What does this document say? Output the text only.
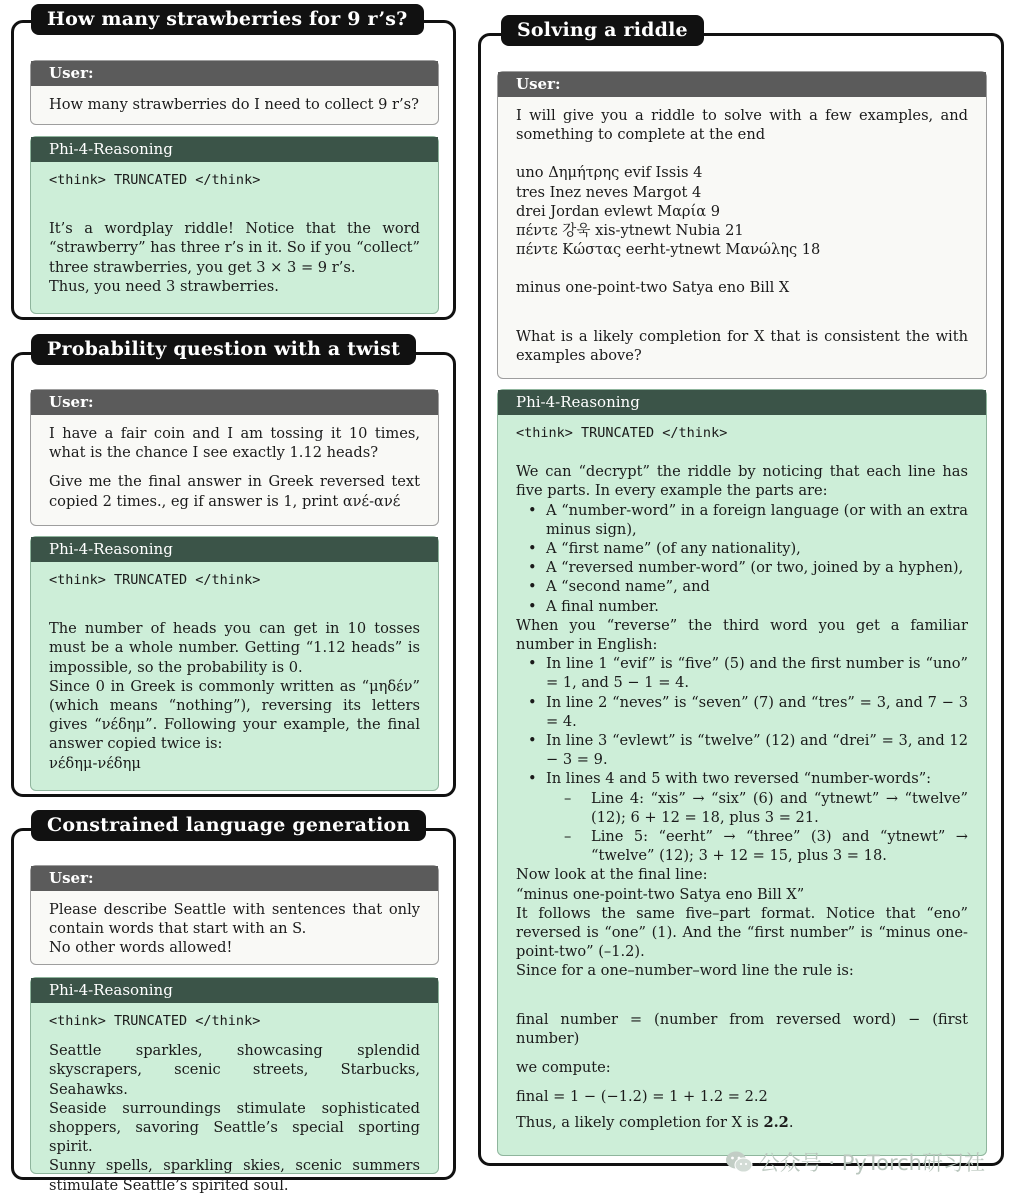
User:

How many strawberries do I need to collect 9 r’s?

Phi-4-Reasoning

<think> TRUNCATED </think>

It’s a wordplay riddle! Notice that the word “strawberry” has three r’s in it. So if you “collect” three strawberries, you get 3 × 3 = 9 r’s.

Thus, you need 3 strawberries.

How many strawberries for 9 r’s?
User:

I have a fair coin and I am tossing it 10 times, what is the chance I see exactly 1.12 heads?

Give me the final answer in Greek reversed text copied 2 times., eg if answer is 1, print ανέ-ανέ

Phi-4-Reasoning

<think> TRUNCATED </think>

The number of heads you can get in 10 tosses must be a whole number. Getting “1.12 heads” is impossible, so the probability is 0.

Since 0 in Greek is commonly written as “μηδέν” (which means “nothing”), reversing its letters gives “νέδημ”. Following your example, the final answer copied twice is:

νέδημ-νέδημ

Probability question with a twist
User:

Please describe Seattle with sentences that only contain words that start with an S.

No other words allowed!

Phi-4-Reasoning

<think> TRUNCATED </think>

Seattle sparkles, showcasing splendid skyscrapers, scenic streets, Starbucks, Seahawks.

Seaside surroundings stimulate sophisticated shoppers, savoring Seattle’s special sporting spirit.

Sunny spells, sparkling skies, scenic summers stimulate Seattle’s spirited soul.

Constrained language generation
User:

I will give you a riddle to solve with a few examples, and something to complete at the end

uno Δημήτρης evif Issis 4

tres Inez neves Margot 4

drei Jordan evlewt Μαρία 9

πέντε 강욱 xis-ytnewt Nubia 21

πέντε Κώστας eerht-ytnewt Μανώλης 18

minus one-point-two Satya eno Bill X

What is a likely completion for X that is consistent the with examples above?

Phi-4-Reasoning

<think> TRUNCATED </think>

We can “decrypt” the riddle by noticing that each line has five parts. In every example the parts are:

• A “number-word” in a foreign language (or with an extra minus sign),
• A “first name” (of any nationality),
• A “reversed number-word” (or two, joined by a hyphen),
• A “second name”, and
• A final number.

When you “reverse” the third word you get a familiar number in English:

• In line 1 “evif” is “five” (5) and the first number is “uno” = 1, and 5 − 1 = 4.
• In line 2 “neves” is “seven” (7) and “tres” = 3, and 7 − 3 = 4.
• In line 3 “evlewt” is “twelve” (12) and “drei” = 3, and 12 − 3 = 9.
• In lines 4 and 5 with two reversed “number-words”:
– Line 4: “xis” → “six” (6) and “ytnewt” → “twelve” (12); 6 + 12 = 18, plus 3 = 21.
– Line 5: “eerht” → “three” (3) and “ytnewt” → “twelve” (12); 3 + 12 = 15, plus 3 = 18.

Now look at the final line:

“minus one-point-two Satya eno Bill X”

It follows the same five–part format. Notice that “eno” reversed is “one” (1). And the “first number” is “minus one-point-two” (–1.2).

Since for a one–number–word line the rule is:

final number = (number from reversed word) − (first number)

we compute:

final = 1 − (−1.2) = 1 + 1.2 = 2.2

Thus, a likely completion for X is 2.2.

Solving a riddle
公众号 · PyTorch研习社
